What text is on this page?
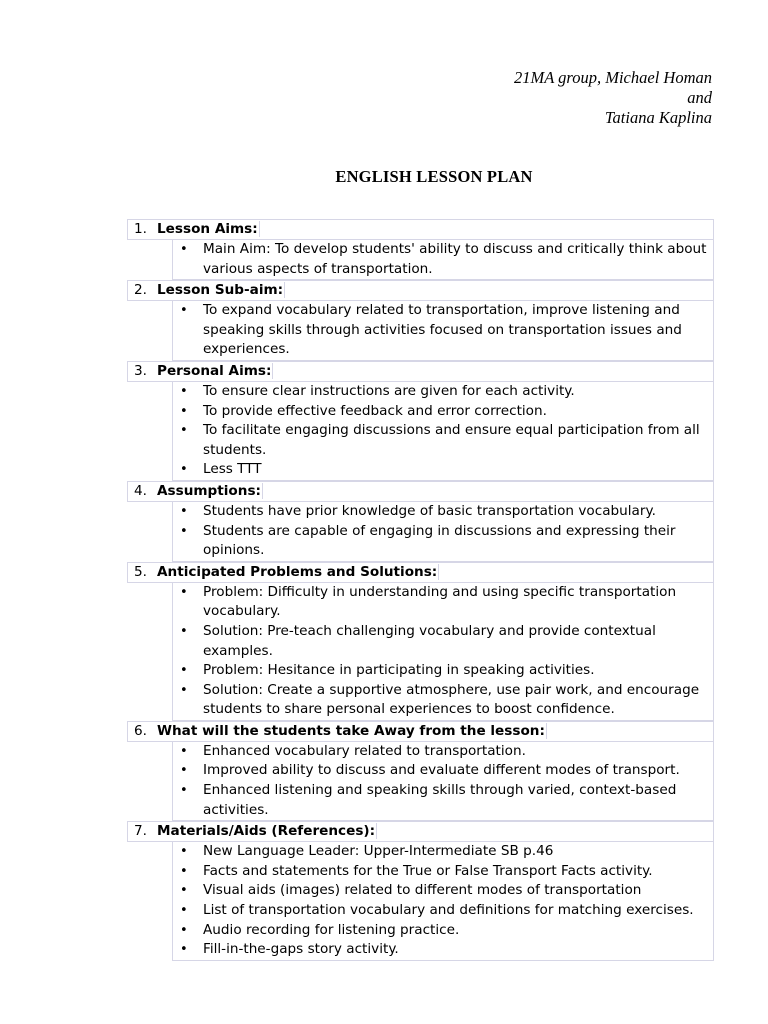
21MA group, Michael Homan
and
Tatiana Kaplina
ENGLISH LESSON PLAN
1. Lesson Aims:
• Main Aim: To develop students' ability to discuss and critically think about various aspects of transportation.
2. Lesson Sub-aim:
• To expand vocabulary related to transportation, improve listening and speaking skills through activities focused on transportation issues and experiences.
3. Personal Aims:
• To ensure clear instructions are given for each activity.
• To provide effective feedback and error correction.
• To facilitate engaging discussions and ensure equal participation from all students.
• Less TTT
4. Assumptions:
• Students have prior knowledge of basic transportation vocabulary.
• Students are capable of engaging in discussions and expressing their opinions.
5. Anticipated Problems and Solutions:
• Problem: Difficulty in understanding and using specific transportation vocabulary.
• Solution: Pre-teach challenging vocabulary and provide contextual examples.
• Problem: Hesitance in participating in speaking activities.
• Solution: Create a supportive atmosphere, use pair work, and encourage students to share personal experiences to boost confidence.
6. What will the students take Away from the lesson:
• Enhanced vocabulary related to transportation.
• Improved ability to discuss and evaluate different modes of transport.
• Enhanced listening and speaking skills through varied, context-based activities.
7. Materials/Aids (References):
• New Language Leader: Upper-Intermediate SB p.46
• Facts and statements for the True or False Transport Facts activity.
• Visual aids (images) related to different modes of transportation
• List of transportation vocabulary and definitions for matching exercises.
• Audio recording for listening practice.
• Fill-in-the-gaps story activity.
